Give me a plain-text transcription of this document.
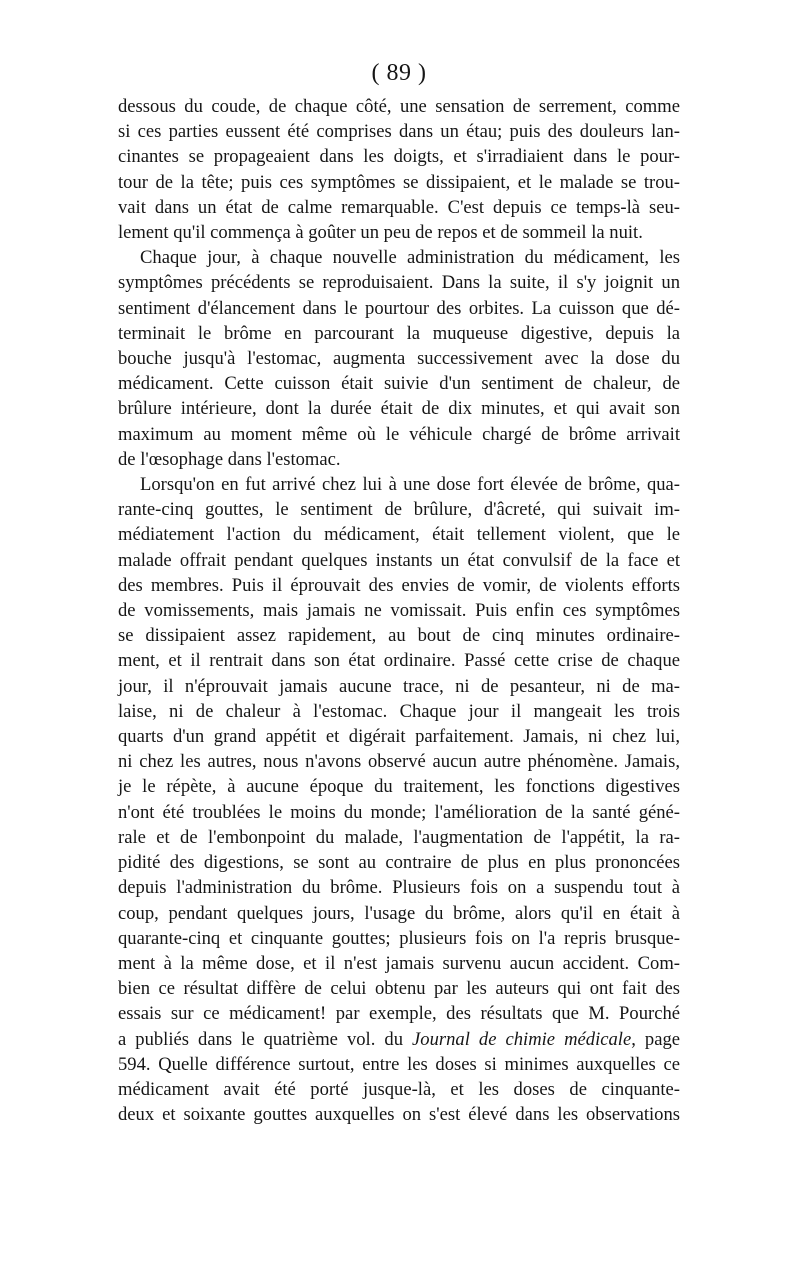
( 89 )
dessous du coude, de chaque côté, une sensation de serrement, comme
si ces parties eussent été comprises dans un étau; puis des douleurs lan-
cinantes se propageaient dans les doigts, et s'irradiaient dans le pour-
tour de la tête; puis ces symptômes se dissipaient, et le malade se trou-
vait dans un état de calme remarquable. C'est depuis ce temps-là seu-
lement qu'il commença à goûter un peu de repos et de sommeil la nuit.
Chaque jour, à chaque nouvelle administration du médicament, les
symptômes précédents se reproduisaient. Dans la suite, il s'y joignit un
sentiment d'élancement dans le pourtour des orbites. La cuisson que dé-
terminait le brôme en parcourant la muqueuse digestive, depuis la
bouche jusqu'à l'estomac, augmenta successivement avec la dose du
médicament. Cette cuisson était suivie d'un sentiment de chaleur, de
brûlure intérieure, dont la durée était de dix minutes, et qui avait son
maximum au moment même où le véhicule chargé de brôme arrivait
de l'œsophage dans l'estomac.
Lorsqu'on en fut arrivé chez lui à une dose fort élevée de brôme, qua-
rante-cinq gouttes, le sentiment de brûlure, d'âcreté, qui suivait im-
médiatement l'action du médicament, était tellement violent, que le
malade offrait pendant quelques instants un état convulsif de la face et
des membres. Puis il éprouvait des envies de vomir, de violents efforts
de vomissements, mais jamais ne vomissait. Puis enfin ces symptômes
se dissipaient assez rapidement, au bout de cinq minutes ordinaire-
ment, et il rentrait dans son état ordinaire. Passé cette crise de chaque
jour, il n'éprouvait jamais aucune trace, ni de pesanteur, ni de ma-
laise, ni de chaleur à l'estomac. Chaque jour il mangeait les trois
quarts d'un grand appétit et digérait parfaitement. Jamais, ni chez lui,
ni chez les autres, nous n'avons observé aucun autre phénomène. Jamais,
je le répète, à aucune époque du traitement, les fonctions digestives
n'ont été troublées le moins du monde; l'amélioration de la santé géné-
rale et de l'embonpoint du malade, l'augmentation de l'appétit, la ra-
pidité des digestions, se sont au contraire de plus en plus prononcées
depuis l'administration du brôme. Plusieurs fois on a suspendu tout à
coup, pendant quelques jours, l'usage du brôme, alors qu'il en était à
quarante-cinq et cinquante gouttes; plusieurs fois on l'a repris brusque-
ment à la même dose, et il n'est jamais survenu aucun accident. Com-
bien ce résultat diffère de celui obtenu par les auteurs qui ont fait des
essais sur ce médicament! par exemple, des résultats que M. Pourché
a publiés dans le quatrième vol. du Journal de chimie médicale, page
594. Quelle différence surtout, entre les doses si minimes auxquelles ce
médicament avait été porté jusque-là, et les doses de cinquante-
deux et soixante gouttes auxquelles on s'est élevé dans les observations
